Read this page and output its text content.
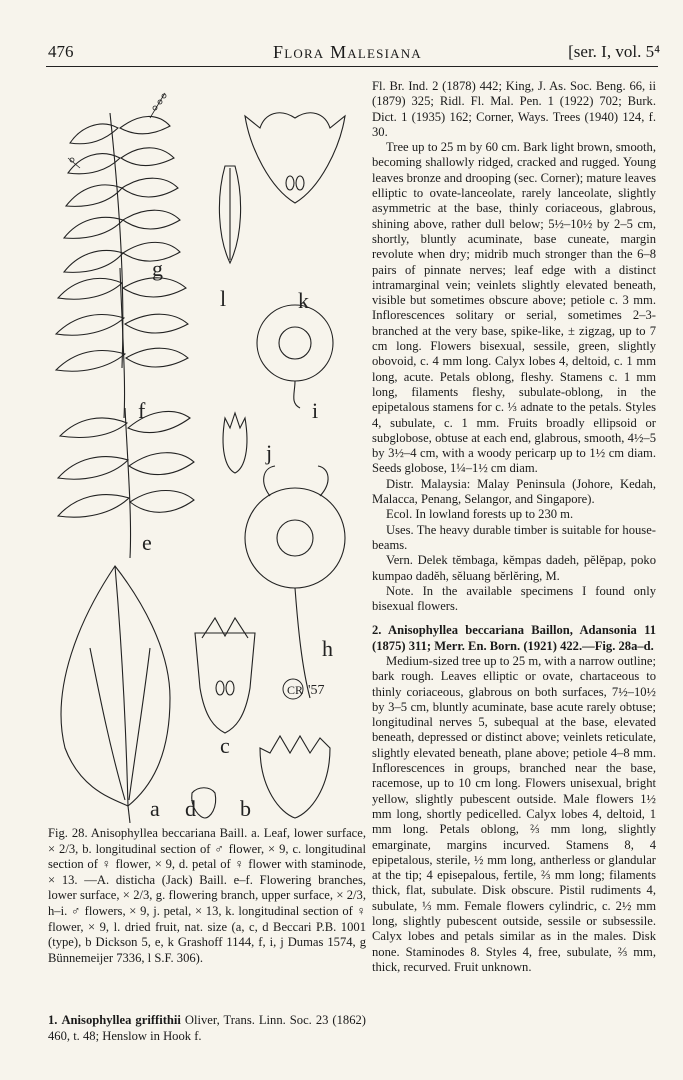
476	Flora Malesiana	[ser. I, vol. 5⁴
CR '57
g
l	k
f	i
j
e
h
c
a d b
Fig. 28. Anisophyllea beccariana Baill. a. Leaf, lower surface, × 2/3, b. longitudinal section of ♂ flower, × 9, c. longitudinal section of ♀ flower, × 9, d. petal of ♀ flower with staminode, × 13. —A. disticha (Jack) Baill. e–f. Flowering branches, lower surface, × 2/3, g. flowering branch, upper surface, × 2/3, h–i. ♂ flowers, × 9, j. petal, × 13, k. longitudinal section of ♀ flower, × 9, l. dried fruit, nat. size (a, c, d Beccari P.B. 1001 (type), b Dickson 5, e, k Grashoff 1144, f, i, j Dumas 1574, g Bünnemeijer 7336, l S.F. 306).
1. Anisophyllea griffithii Oliver, Trans. Linn. Soc. 23 (1862) 460, t. 48; Henslow in Hook f.

Fl. Br. Ind. 2 (1878) 442; King, J. As. Soc. Beng. 66, ii (1879) 325; Ridl. Fl. Mal. Pen. 1 (1922) 702; Burk. Dict. 1 (1935) 162; Corner, Ways. Trees (1940) 124, f. 30.

Tree up to 25 m by 60 cm. Bark light brown, smooth, becoming shallowly ridged, cracked and rugged. Young leaves bronze and drooping (sec. Corner); mature leaves elliptic to ovate-lanceolate, rarely lanceolate, slightly asymmetric at the base, thinly coriaceous, glabrous, shining above, rather dull below; 5½–10½ by 2–5 cm, shortly, bluntly acuminate, base cuneate, margin revolute when dry; midrib much stronger than the 6–8 pairs of pinnate nerves; leaf edge with a distinct intramarginal vein; veinlets slightly elevated beneath, visible but sometimes obscure above; petiole c. 3 mm. Inflorescences solitary or serial, sometimes 2–3-branched at the very base, spike-like, ± zigzag, up to 7 cm long. Flowers bisexual, sessile, green, slightly obovoid, c. 4 mm long. Calyx lobes 4, deltoid, c. 1 mm long, acute. Petals oblong, fleshy. Stamens c. 1 mm long, filaments fleshy, subulate-oblong, in the epipetalous stamens for c. ⅓ adnate to the petals. Styles 4, subulate, c. 1 mm. Fruits broadly ellipsoid or subglobose, obtuse at each end, glabrous, smooth, 4½–5 by 3½–4 cm, with a woody pericarp up to 1½ cm diam. Seeds globose, 1¼–1½ cm diam.

Distr. Malaysia: Malay Peninsula (Johore, Kedah, Malacca, Penang, Selangor, and Singapore).

Ecol. In lowland forests up to 230 m.

Uses. The heavy durable timber is suitable for house-beams.

Vern. Delek tĕmbaga, kĕmpas dadeh, pĕlĕpap, poko kumpao dadĕh, sĕluang bĕrlĕring, M.

Note. In the available specimens I found only bisexual flowers.

2. Anisophyllea beccariana Baillon, Adansonia 11 (1875) 311; Merr. En. Born. (1921) 422.—Fig. 28a–d.

Medium-sized tree up to 25 m, with a narrow outline; bark rough. Leaves elliptic or ovate, chartaceous to thinly coriaceous, glabrous on both surfaces, 7½–10½ by 3–5 cm, bluntly acuminate, base acute rarely obtuse; longitudinal nerves 5, subequal at the base, elevated beneath, depressed or distinct above; veinlets reticulate, slightly elevated beneath, plane above; petiole 4–8 mm. Inflorescences in groups, branched near the base, racemose, up to 10 cm long. Flowers unisexual, bright yellow, slightly pubescent outside. Male flowers 1½ mm long, shortly pedicelled. Calyx lobes 4, deltoid, 1 mm long. Petals oblong, ⅔ mm long, slightly emarginate, margins incurved. Stamens 8, 4 epipetalous, sterile, ½ mm long, antherless or glandular at the tip; 4 episepalous, fertile, ⅔ mm long; filaments thick, flat, subulate. Disk obscure. Pistil rudiments 4, subulate, ⅓ mm. Female flowers cylindric, c. 2½ mm long, slightly pubescent outside, sessile or subsessile. Calyx lobes and petals similar as in the males. Disk none. Staminodes 8. Styles 4, free, subulate, ⅔ mm, thick, recurved. Fruit unknown.
